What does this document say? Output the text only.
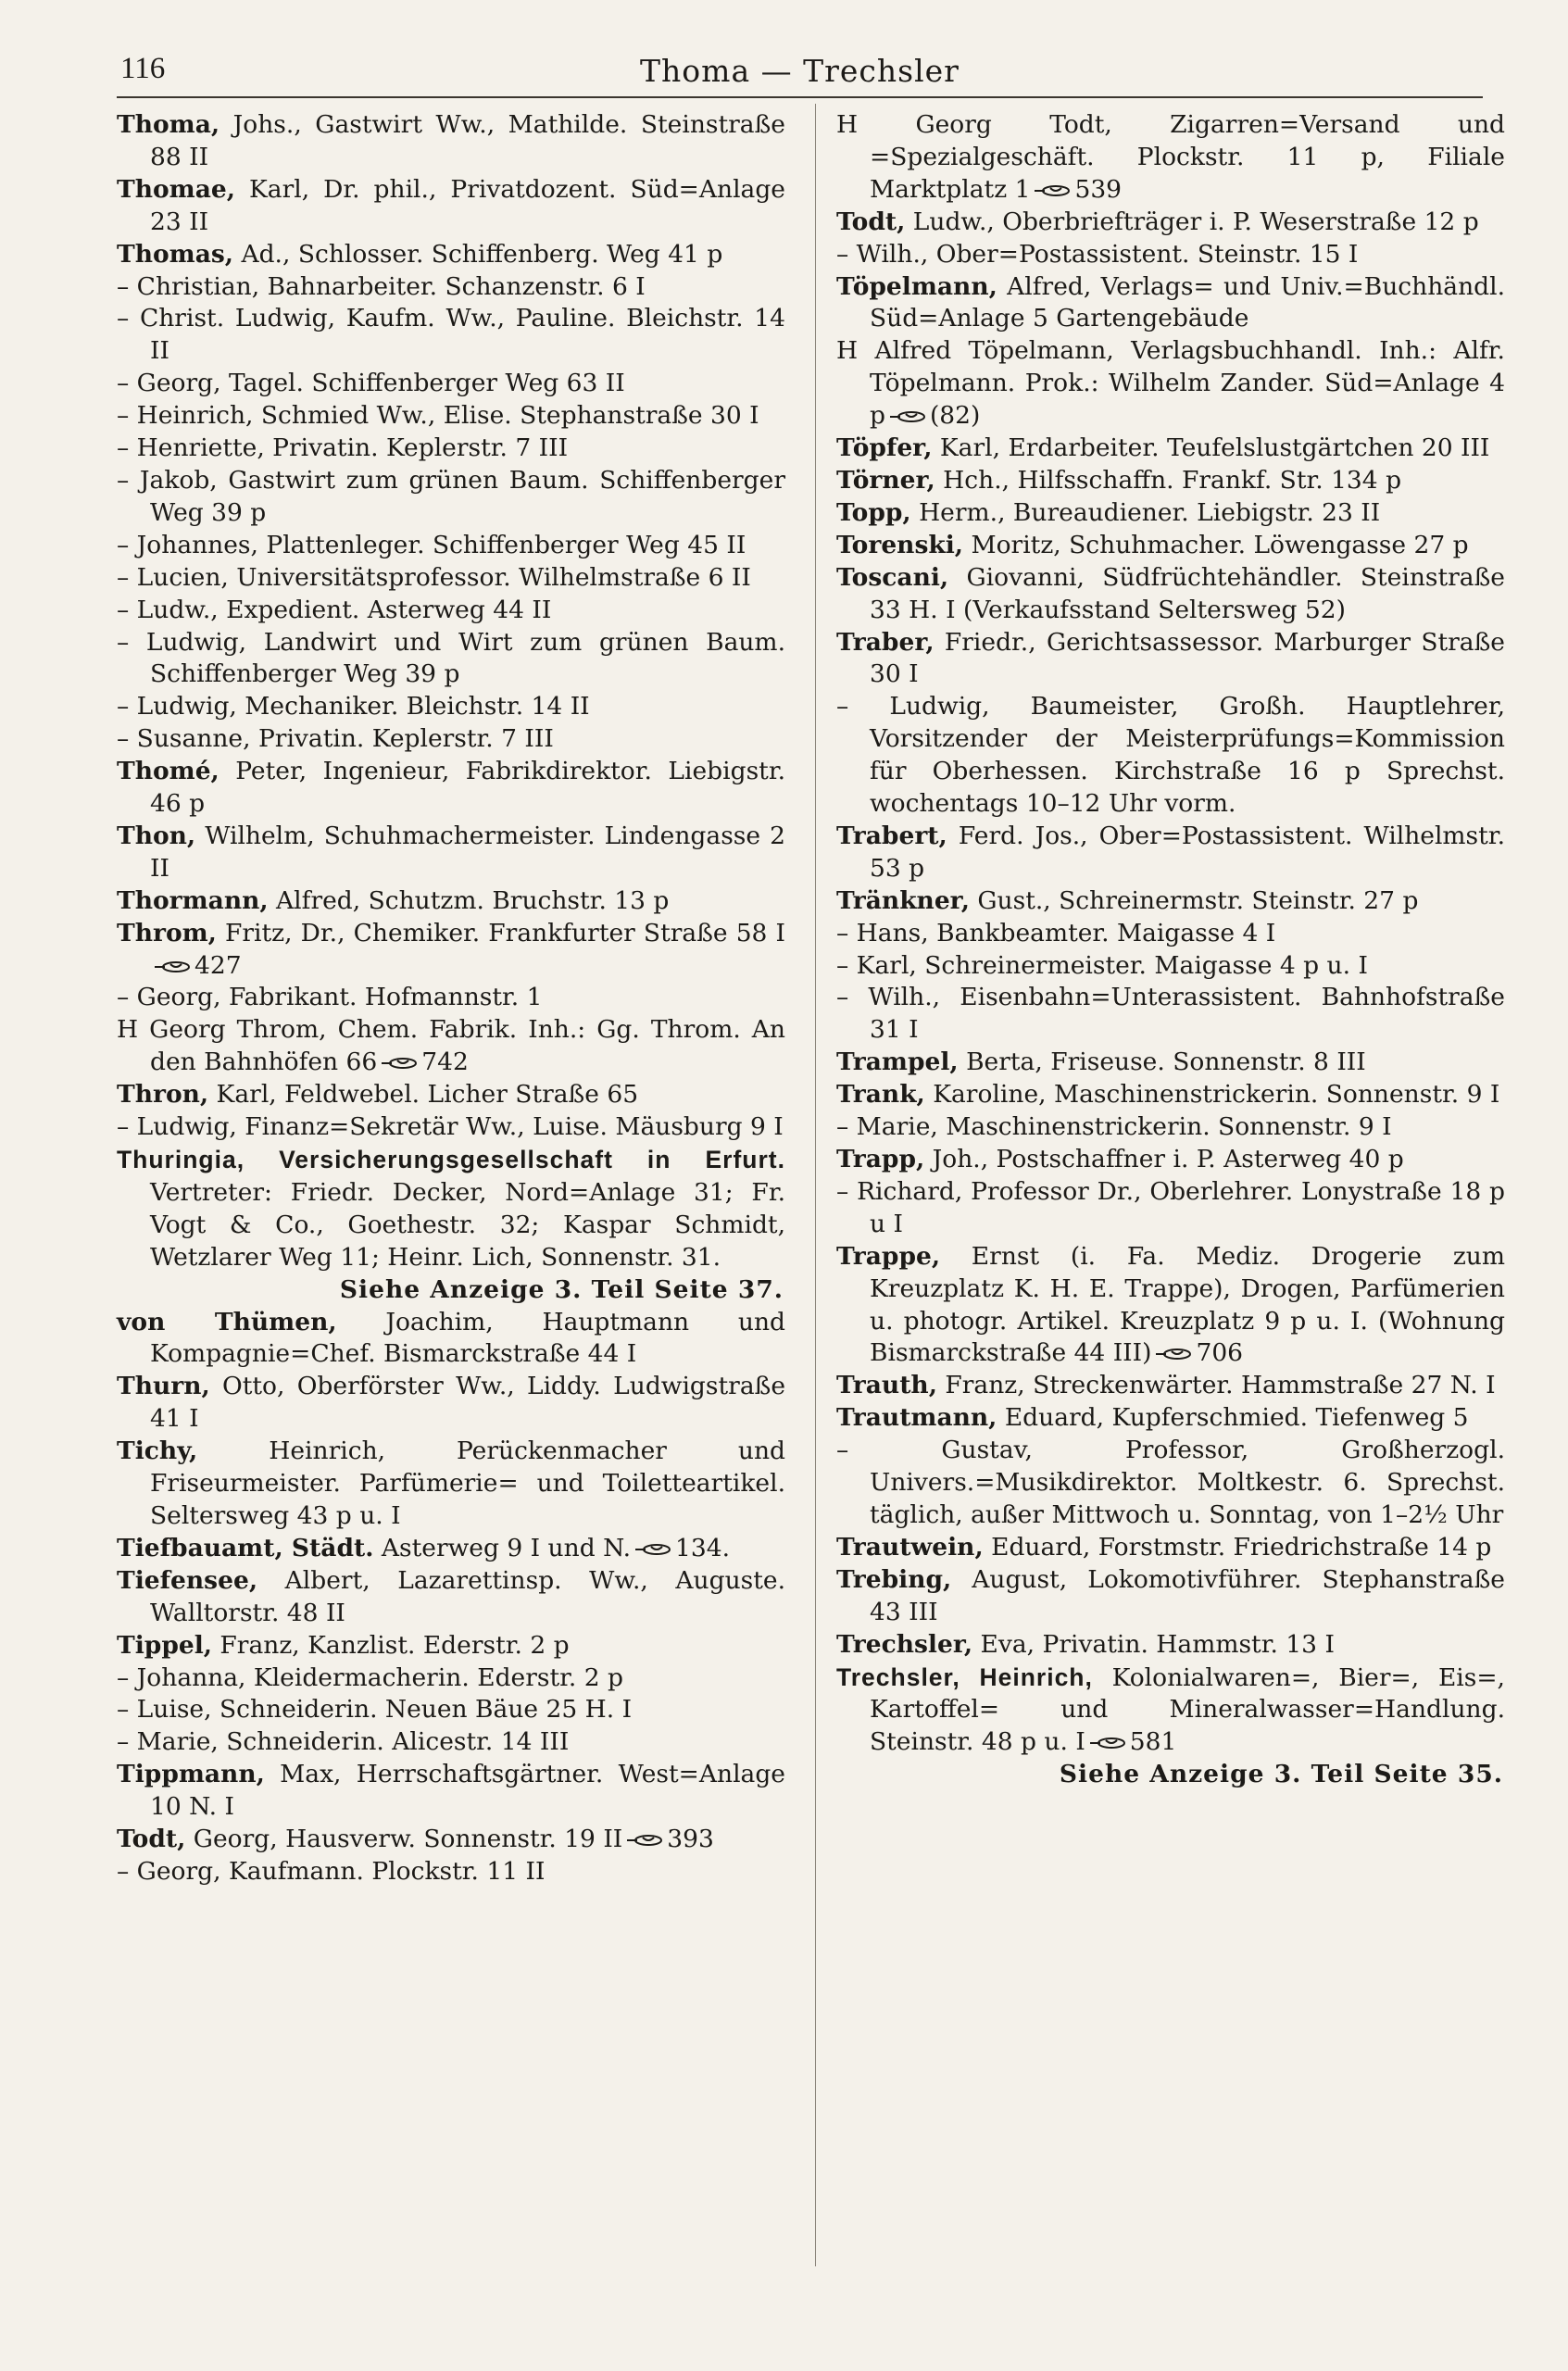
116	Thoma — Trechsler
Thoma, Johs., Gastwirt Ww., Mathilde. Steinstraße 88 II
Thomae, Karl, Dr. phil., Privatdozent. Süd=Anlage 23 II
Thomas, Ad., Schlosser. Schiffenberg. Weg 41 p
– Christian, Bahnarbeiter. Schanzenstr. 6 I
– Christ. Ludwig, Kaufm. Ww., Pauline. Bleichstr. 14 II
– Georg, Tagel. Schiffenberger Weg 63 II
– Heinrich, Schmied Ww., Elise. Stephanstraße 30 I
– Henriette, Privatin. Keplerstr. 7 III
– Jakob, Gastwirt zum grünen Baum. Schiffenberger Weg 39 p
– Johannes, Plattenleger. Schiffenberger Weg 45 II
– Lucien, Universitätsprofessor. Wilhelmstraße 6 II
– Ludw., Expedient. Asterweg 44 II
– Ludwig, Landwirt und Wirt zum grünen Baum. Schiffenberger Weg 39 p
– Ludwig, Mechaniker. Bleichstr. 14 II
– Susanne, Privatin. Keplerstr. 7 III
Thomé, Peter, Ingenieur, Fabrikdirektor. Liebigstr. 46 p
Thon, Wilhelm, Schuhmachermeister. Lindengasse 2 II
Thormann, Alfred, Schutzm. Bruchstr. 13 p
Throm, Fritz, Dr., Chemiker. Frankfurter Straße 58 I427
– Georg, Fabrikant. Hofmannstr. 1
H Georg Throm, Chem. Fabrik. Inh.: Gg. Throm. An den Bahnhöfen 66 742
Thron, Karl, Feldwebel. Licher Straße 65
– Ludwig, Finanz=Sekretär Ww., Luise. Mäusburg 9 I
Thuringia, Versicherungsgesellschaft in Erfurt. Vertreter: Friedr. Decker, Nord=Anlage 31; Fr. Vogt & Co., Goethestr. 32; Kaspar Schmidt, Wetzlarer Weg 11; Heinr. Lich, Sonnenstr. 31.
Siehe Anzeige 3. Teil Seite 37.
von Thümen, Joachim, Hauptmann und Kompagnie=Chef. Bismarckstraße 44 I
Thurn, Otto, Oberförster Ww., Liddy. Ludwigstraße 41 I
Tichy, Heinrich, Perückenmacher und Friseurmeister. Parfümerie= und Toiletteartikel. Seltersweg 43 p u. I
Tiefbauamt, Städt. Asterweg 9 I und N. 134.
Tiefensee, Albert, Lazarettinsp. Ww., Auguste. Walltorstr. 48 II
Tippel, Franz, Kanzlist. Ederstr. 2 p
– Johanna, Kleidermacherin. Ederstr. 2 p
– Luise, Schneiderin. Neuen Bäue 25 H. I
– Marie, Schneiderin. Alicestr. 14 III
Tippmann, Max, Herrschaftsgärtner. West=Anlage 10 N. I
Todt, Georg, Hausverw. Sonnenstr. 19 II 393
– Georg, Kaufmann. Plockstr. 11 II
H Georg Todt, Zigarren=Versand und =Spezialgeschäft. Plockstr. 11 p, Filiale Marktplatz 1 539
Todt, Ludw., Oberbriefträger i. P. Weserstraße 12 p
– Wilh., Ober=Postassistent. Steinstr. 15 I
Töpelmann, Alfred, Verlags= und Univ.=Buchhändl. Süd=Anlage 5 Gartengebäude
H Alfred Töpelmann, Verlagsbuchhandl. Inh.: Alfr. Töpelmann. Prok.: Wilhelm Zander. Süd=Anlage 4 p (82)
Töpfer, Karl, Erdarbeiter. Teufelslustgärtchen 20 III
Törner, Hch., Hilfsschaffn. Frankf. Str. 134 p
Topp, Herm., Bureaudiener. Liebigstr. 23 II
Torenski, Moritz, Schuhmacher. Löwengasse 27 p
Toscani, Giovanni, Südfrüchtehändler. Steinstraße 33 H. I (Verkaufsstand Seltersweg 52)
Traber, Friedr., Gerichtsassessor. Marburger Straße 30 I
– Ludwig, Baumeister, Großh. Hauptlehrer, Vorsitzender der Meisterprüfungs=Kommission für Oberhessen. Kirchstraße 16 p Sprechst. wochentags 10–12 Uhr vorm.
Trabert, Ferd. Jos., Ober=Postassistent. Wilhelmstr. 53 p
Tränkner, Gust., Schreinermstr. Steinstr. 27 p
– Hans, Bankbeamter. Maigasse 4 I
– Karl, Schreinermeister. Maigasse 4 p u. I
– Wilh., Eisenbahn=Unterassistent. Bahnhofstraße 31 I
Trampel, Berta, Friseuse. Sonnenstr. 8 III
Trank, Karoline, Maschinenstrickerin. Sonnenstr. 9 I
– Marie, Maschinenstrickerin. Sonnenstr. 9 I
Trapp, Joh., Postschaffner i. P. Asterweg 40 p
– Richard, Professor Dr., Oberlehrer. Lonystraße 18 p u I
Trappe, Ernst (i. Fa. Mediz. Drogerie zum Kreuzplatz K. H. E. Trappe), Drogen, Parfümerien u. photogr. Artikel. Kreuzplatz 9 p u. I. (Wohnung Bismarckstraße 44 III) 706
Trauth, Franz, Streckenwärter. Hammstraße 27 N. I
Trautmann, Eduard, Kupferschmied. Tiefenweg 5
– Gustav, Professor, Großherzogl. Univers.=Musikdirektor. Moltkestr. 6. Sprechst. täglich, außer Mittwoch u. Sonntag, von 1–2½ Uhr
Trautwein, Eduard, Forstmstr. Friedrichstraße 14 p
Trebing, August, Lokomotivführer. Stephanstraße 43 III
Trechsler, Eva, Privatin. Hammstr. 13 I
Trechsler, Heinrich, Kolonialwaren=, Bier=, Eis=, Kartoffel= und Mineralwasser=Handlung. Steinstr. 48 p u. I 581
Siehe Anzeige 3. Teil Seite 35.
